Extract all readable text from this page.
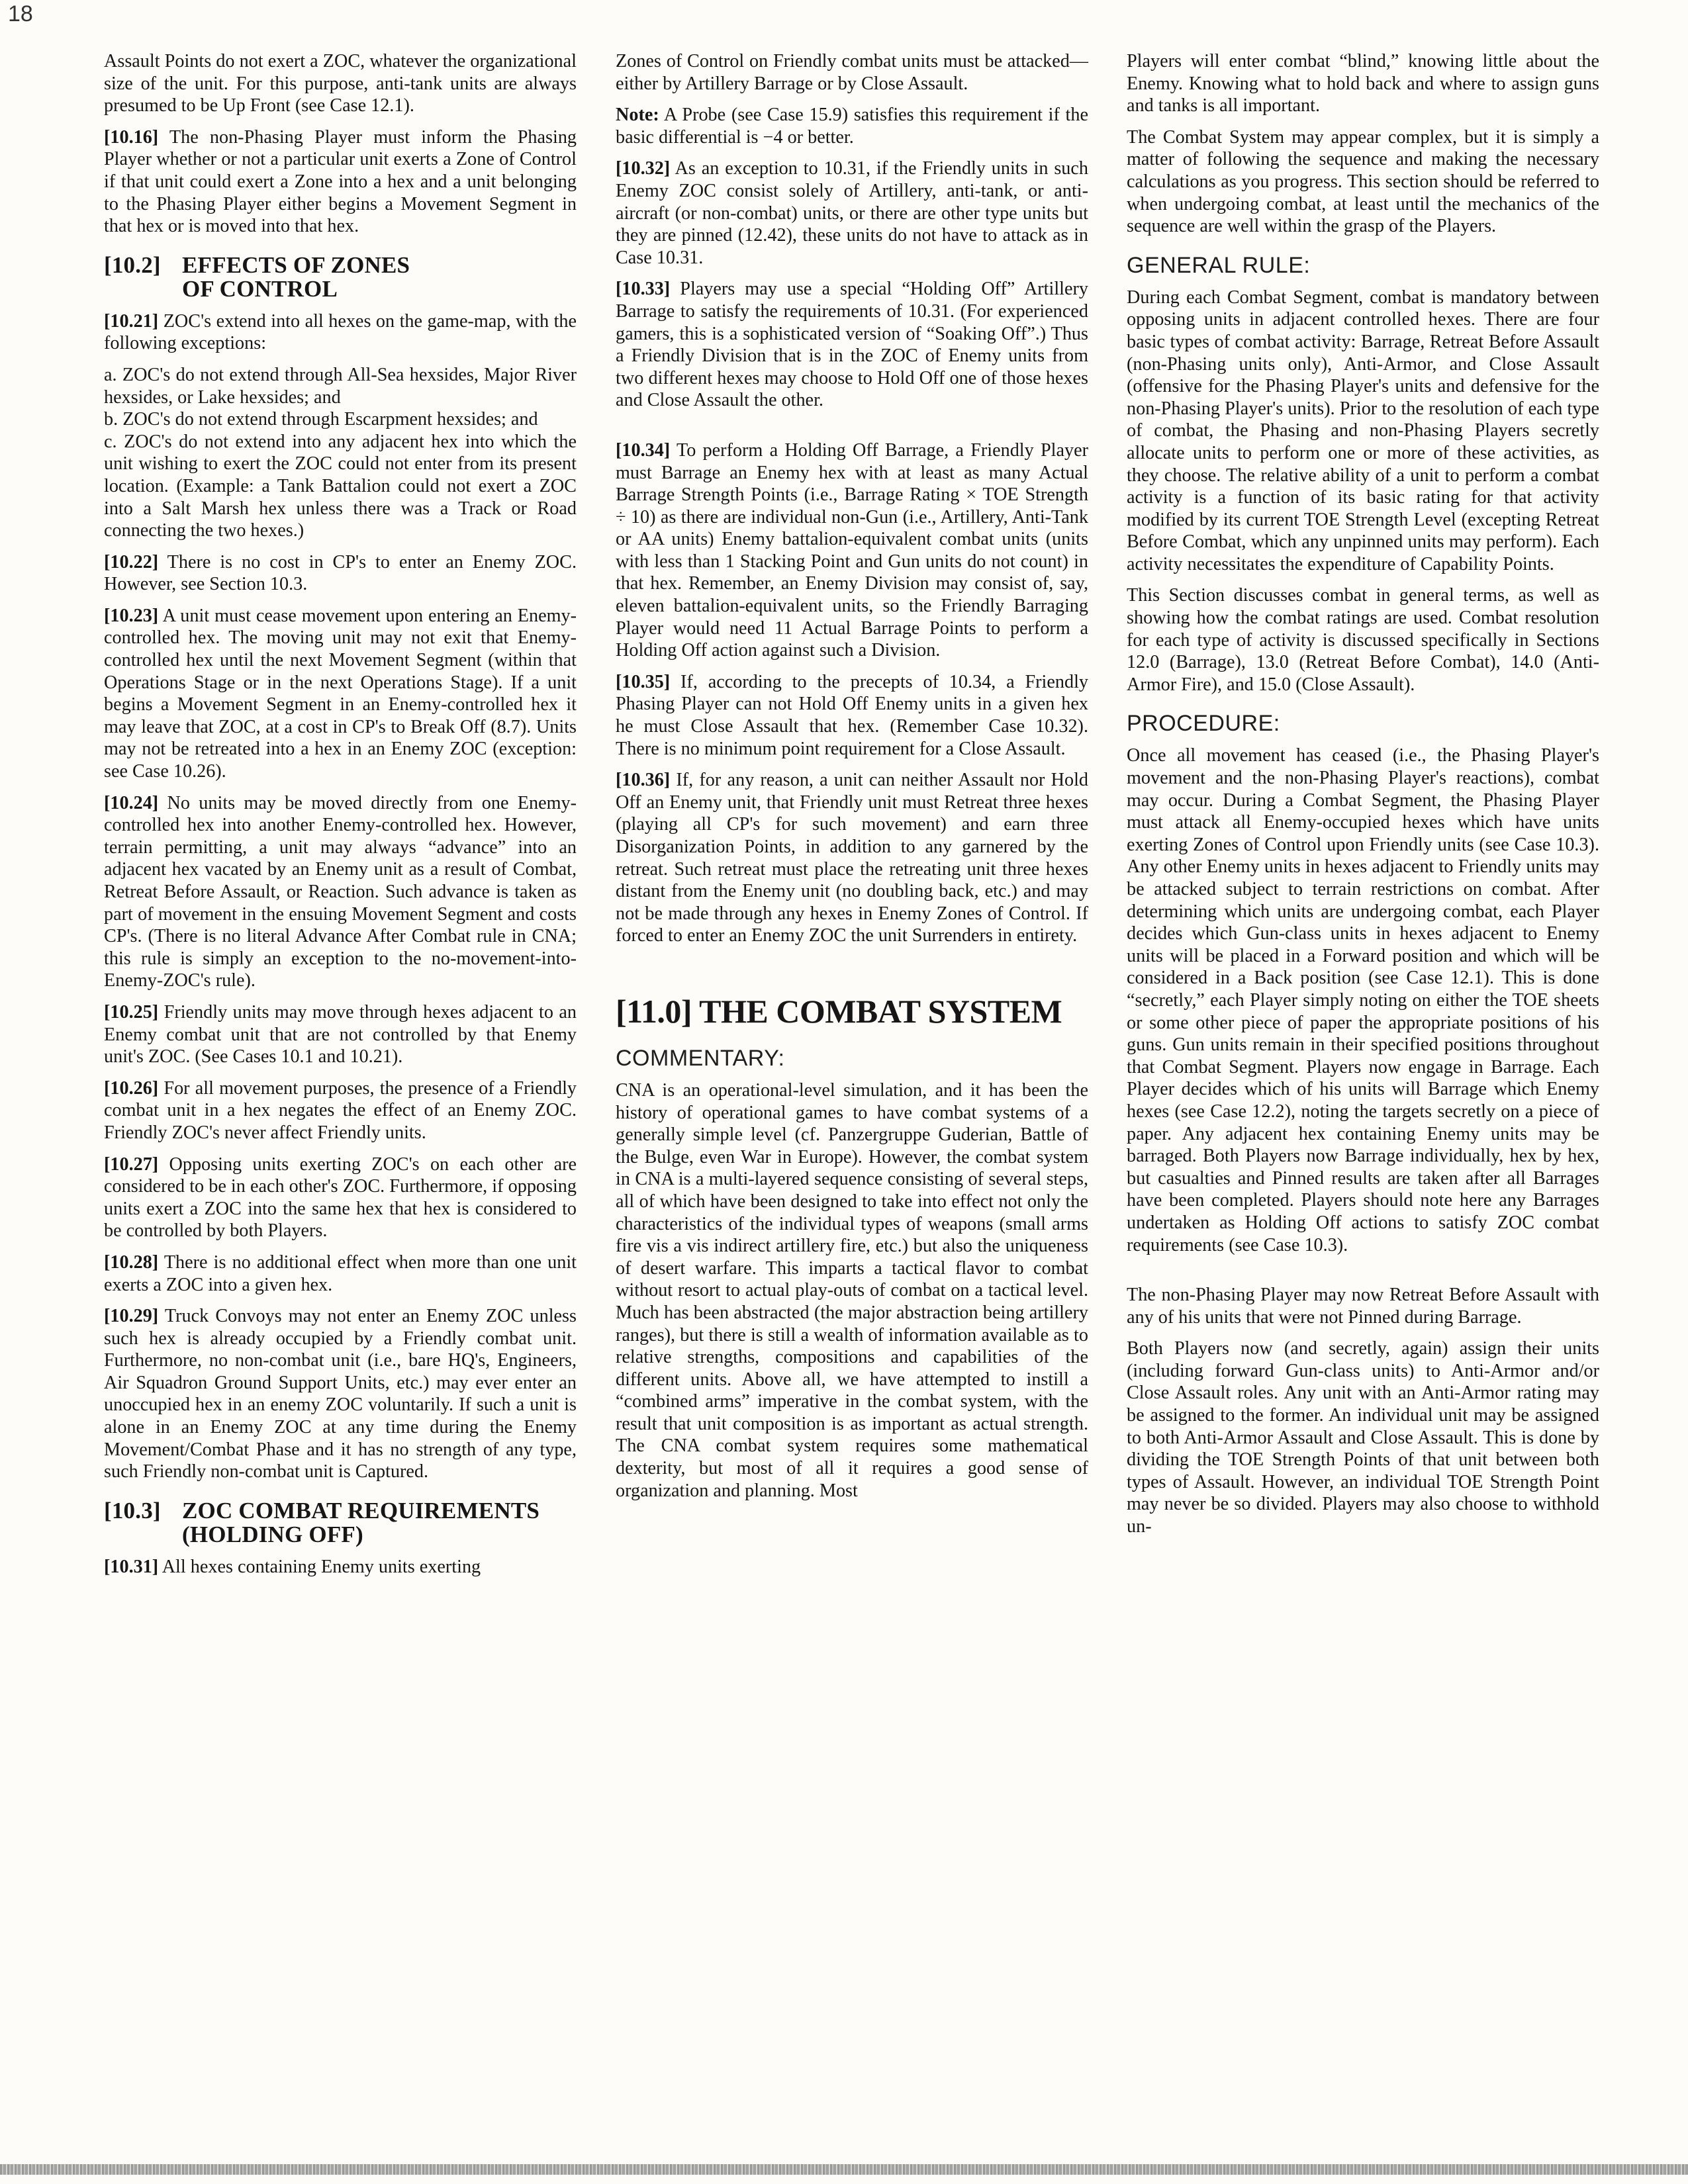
18

Assault Points do not exert a ZOC, whatever the organizational size of the unit. For this purpose, anti-tank units are always presumed to be Up Front (see Case 12.1).

[10.16] The non-Phasing Player must inform the Phasing Player whether or not a particular unit exerts a Zone of Control if that unit could exert a Zone into a hex and a unit belonging to the Phasing Player either begins a Movement Segment in that hex or is moved into that hex.

[10.2] EFFECTS OF ZONES
OF CONTROL

[10.21] ZOC's extend into all hexes on the game-map, with the following exceptions:

a. ZOC's do not extend through All-Sea hexsides, Major River hexsides, or Lake hexsides; and

b. ZOC's do not extend through Escarpment hexsides; and

c. ZOC's do not extend into any adjacent hex into which the unit wishing to exert the ZOC could not enter from its present location. (Example: a Tank Battalion could not exert a ZOC into a Salt Marsh hex unless there was a Track or Road connecting the two hexes.)

[10.22] There is no cost in CP's to enter an Enemy ZOC. However, see Section 10.3.

[10.23] A unit must cease movement upon entering an Enemy-controlled hex. The moving unit may not exit that Enemy-controlled hex until the next Movement Segment (within that Operations Stage or in the next Operations Stage). If a unit begins a Movement Segment in an Enemy-controlled hex it may leave that ZOC, at a cost in CP's to Break Off (8.7). Units may not be retreated into a hex in an Enemy ZOC (exception: see Case 10.26).

[10.24] No units may be moved directly from one Enemy-controlled hex into another Enemy-controlled hex. However, terrain permitting, a unit may always “advance” into an adjacent hex vacated by an Enemy unit as a result of Combat, Retreat Before Assault, or Reaction. Such advance is taken as part of movement in the ensuing Movement Segment and costs CP's. (There is no literal Advance After Combat rule in CNA; this rule is simply an exception to the no-movement-into-Enemy-ZOC's rule).

[10.25] Friendly units may move through hexes adjacent to an Enemy combat unit that are not controlled by that Enemy unit's ZOC. (See Cases 10.1 and 10.21).

[10.26] For all movement purposes, the presence of a Friendly combat unit in a hex negates the effect of an Enemy ZOC. Friendly ZOC's never affect Friendly units.

[10.27] Opposing units exerting ZOC's on each other are considered to be in each other's ZOC. Furthermore, if opposing units exert a ZOC into the same hex that hex is considered to be controlled by both Players.

[10.28] There is no additional effect when more than one unit exerts a ZOC into a given hex.

[10.29] Truck Convoys may not enter an Enemy ZOC unless such hex is already occupied by a Friendly combat unit. Furthermore, no non-combat unit (i.e., bare HQ's, Engineers, Air Squadron Ground Support Units, etc.) may ever enter an unoccupied hex in an enemy ZOC voluntarily. If such a unit is alone in an Enemy ZOC at any time during the Enemy Movement/Combat Phase and it has no strength of any type, such Friendly non-combat unit is Captured.

[10.3] ZOC COMBAT REQUIREMENTS
(HOLDING OFF)

[10.31] All hexes containing Enemy units exerting

Zones of Control on Friendly combat units must be attacked—either by Artillery Barrage or by Close Assault.

Note: A Probe (see Case 15.9) satisfies this requirement if the basic differential is −4 or better.

[10.32] As an exception to 10.31, if the Friendly units in such Enemy ZOC consist solely of Artillery, anti-tank, or anti-aircraft (or non-combat) units, or there are other type units but they are pinned (12.42), these units do not have to attack as in Case 10.31.

[10.33] Players may use a special “Holding Off” Artillery Barrage to satisfy the requirements of 10.31. (For experienced gamers, this is a sophisticated version of “Soaking Off”.) Thus a Friendly Division that is in the ZOC of Enemy units from two different hexes may choose to Hold Off one of those hexes and Close Assault the other.

[10.34] To perform a Holding Off Barrage, a Friendly Player must Barrage an Enemy hex with at least as many Actual Barrage Strength Points (i.e., Barrage Rating × TOE Strength ÷ 10) as there are individual non-Gun (i.e., Artillery, Anti-Tank or AA units) Enemy battalion-equivalent combat units (units with less than 1 Stacking Point and Gun units do not count) in that hex. Remember, an Enemy Division may consist of, say, eleven battalion-equivalent units, so the Friendly Barraging Player would need 11 Actual Barrage Points to perform a Holding Off action against such a Division.

[10.35] If, according to the precepts of 10.34, a Friendly Phasing Player can not Hold Off Enemy units in a given hex he must Close Assault that hex. (Remember Case 10.32). There is no minimum point requirement for a Close Assault.

[10.36] If, for any reason, a unit can neither Assault nor Hold Off an Enemy unit, that Friendly unit must Retreat three hexes (playing all CP's for such movement) and earn three Disorganization Points, in addition to any garnered by the retreat. Such retreat must place the retreating unit three hexes distant from the Enemy unit (no doubling back, etc.) and may not be made through any hexes in Enemy Zones of Control. If forced to enter an Enemy ZOC the unit Surrenders in entirety.

[11.0] THE COMBAT SYSTEM
COMMENTARY:

CNA is an operational-level simulation, and it has been the history of operational games to have combat systems of a generally simple level (cf. Panzergruppe Guderian, Battle of the Bulge, even War in Europe). However, the combat system in CNA is a multi-layered sequence consisting of several steps, all of which have been designed to take into effect not only the characteristics of the individual types of weapons (small arms fire vis a vis indirect artillery fire, etc.) but also the uniqueness of desert warfare. This imparts a tactical flavor to combat without resort to actual play-outs of combat on a tactical level. Much has been abstracted (the major abstraction being artillery ranges), but there is still a wealth of information available as to relative strengths, compositions and capabilities of the different units. Above all, we have attempted to instill a “combined arms” imperative in the combat system, with the result that unit composition is as important as actual strength. The CNA combat system requires some mathematical dexterity, but most of all it requires a good sense of organization and planning. Most

Players will enter combat “blind,” knowing little about the Enemy. Knowing what to hold back and where to assign guns and tanks is all important.

The Combat System may appear complex, but it is simply a matter of following the sequence and making the necessary calculations as you progress. This section should be referred to when undergoing combat, at least until the mechanics of the sequence are well within the grasp of the Players.

GENERAL RULE:

During each Combat Segment, combat is mandatory between opposing units in adjacent controlled hexes. There are four basic types of combat activity: Barrage, Retreat Before Assault (non-Phasing units only), Anti-Armor, and Close Assault (offensive for the Phasing Player's units and defensive for the non-Phasing Player's units). Prior to the resolution of each type of combat, the Phasing and non-Phasing Players secretly allocate units to perform one or more of these activities, as they choose. The relative ability of a unit to perform a combat activity is a function of its basic rating for that activity modified by its current TOE Strength Level (excepting Retreat Before Combat, which any unpinned units may perform). Each activity necessitates the expenditure of Capability Points.

This Section discusses combat in general terms, as well as showing how the combat ratings are used. Combat resolution for each type of activity is discussed specifically in Sections 12.0 (Barrage), 13.0 (Retreat Before Combat), 14.0 (Anti-Armor Fire), and 15.0 (Close Assault).

PROCEDURE:

Once all movement has ceased (i.e., the Phasing Player's movement and the non-Phasing Player's reactions), combat may occur. During a Combat Segment, the Phasing Player must attack all Enemy-occupied hexes which have units exerting Zones of Control upon Friendly units (see Case 10.3). Any other Enemy units in hexes adjacent to Friendly units may be attacked subject to terrain restrictions on combat. After determining which units are undergoing combat, each Player decides which Gun-class units in hexes adjacent to Enemy units will be placed in a Forward position and which will be considered in a Back position (see Case 12.1). This is done “secretly,” each Player simply noting on either the TOE sheets or some other piece of paper the appropriate positions of his guns. Gun units remain in their specified positions throughout that Combat Segment. Players now engage in Barrage. Each Player decides which of his units will Barrage which Enemy hexes (see Case 12.2), noting the targets secretly on a piece of paper. Any adjacent hex containing Enemy units may be barraged. Both Players now Barrage individually, hex by hex, but casualties and Pinned results are taken after all Barrages have been completed. Players should note here any Barrages undertaken as Holding Off actions to satisfy ZOC combat requirements (see Case 10.3).

The non-Phasing Player may now Retreat Before Assault with any of his units that were not Pinned during Barrage.

Both Players now (and secretly, again) assign their units (including forward Gun-class units) to Anti-Armor and/or Close Assault roles. Any unit with an Anti-Armor rating may be assigned to the former. An individual unit may be assigned to both Anti-Armor Assault and Close Assault. This is done by dividing the TOE Strength Points of that unit between both types of Assault. However, an individual TOE Strength Point may never be so divided. Players may also choose to withhold un-
